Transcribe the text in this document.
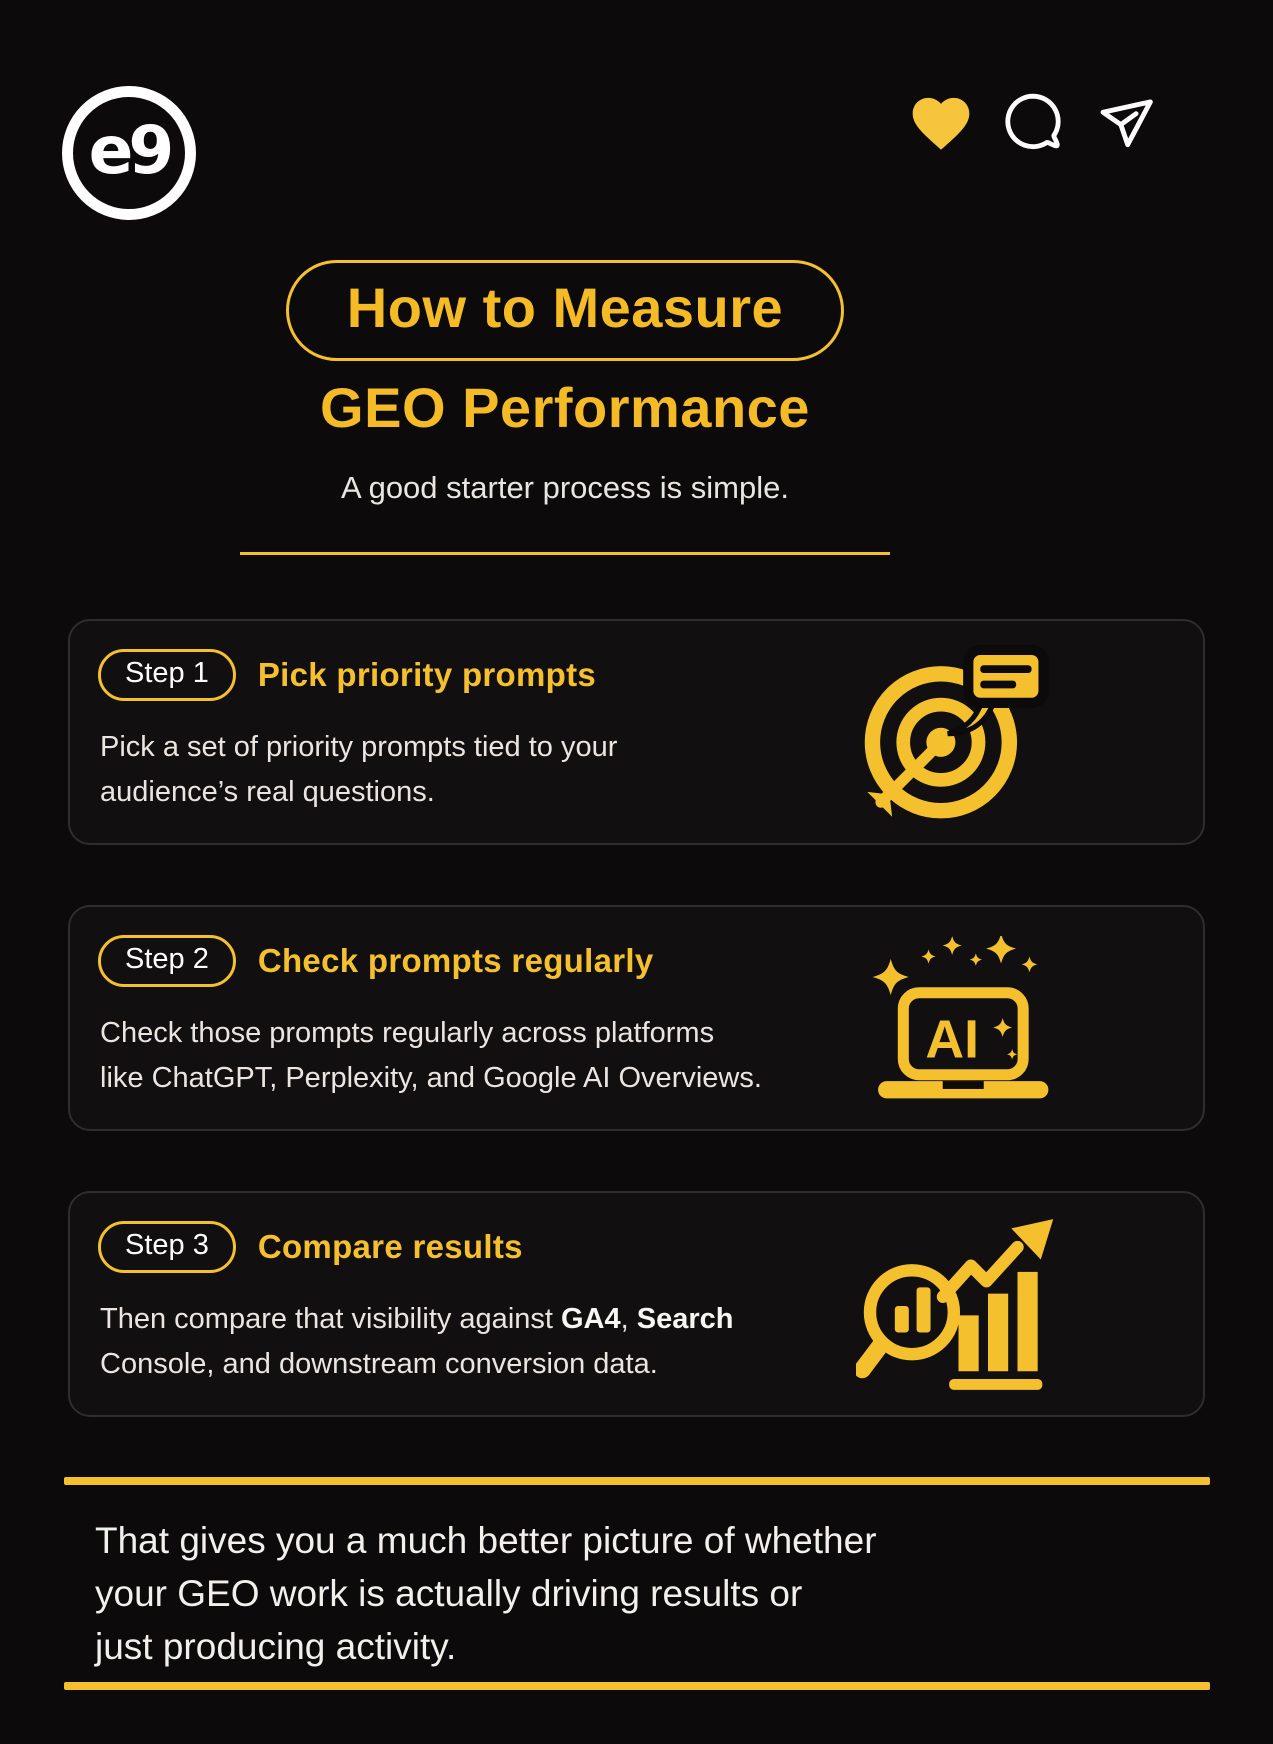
e9
How to Measure
GEO Performance

A good starter process is simple.

Step 1	Pick priority prompts

Pick a set of priority prompts tied to your
audience’s real questions.

Step 2	Check prompts regularly

Check those prompts regularly across platforms
like ChatGPT, Perplexity, and Google AI Overviews.

AI
Step 3	Compare results

Then compare that visibility against GA4, Search
Console, and downstream conversion data.

That gives you a much better picture of whether
your GEO work is actually driving results or
just producing activity.
